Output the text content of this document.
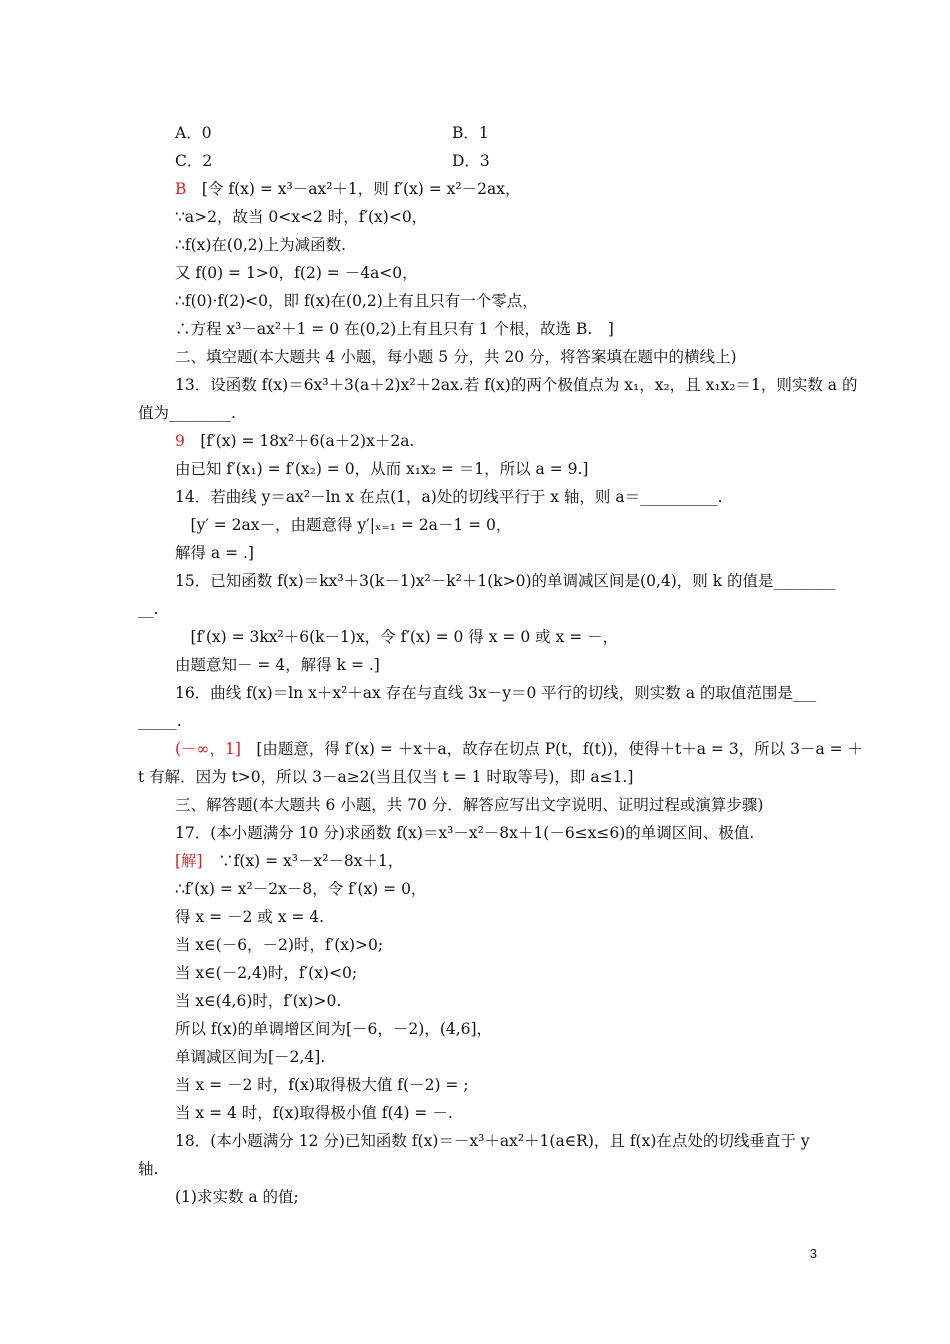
A．0	B．1
C．2	D．3
B　[令 f(x) = x³－ax²＋1，则 f′(x) = x²－2ax，
∵a>2，故当 0<x<2 时，f′(x)<0，
∴f(x)在(0,2)上为减函数.
又 f(0) = 1>0，f(2) = －4a<0，
∴f(0)·f(2)<0，即 f(x)在(0,2)上有且只有一个零点，
∴方程 x³－ax²＋1 = 0 在(0,2)上有且只有 1 个根，故选 B.　]
二、填空题(本大题共 4 小题，每小题 5 分，共 20 分，将答案填在题中的横线上)
13．设函数 f(x)＝6x³＋3(a＋2)x²＋2ax.若 f(x)的两个极值点为 x₁，x₂，且 x₁x₂＝1，则实数 a 的
值为________.
9　[f′(x) = 18x²＋6(a＋2)x＋2a.
由已知 f′(x₁) = f′(x₂) = 0，从而 x₁x₂ = ＝1，所以 a = 9.]
14．若曲线 y＝ax²－ln x 在点(1，a)处的切线平行于 x 轴，则 a＝__________.
　[y′ = 2ax－，由题意得 y′|ₓ₌₁ = 2a－1 = 0，
解得 a = .]
15．已知函数 f(x)＝kx³＋3(k－1)x²－k²＋1(k>0)的单调减区间是(0,4)，则 k 的值是________
__.
　[f′(x) = 3kx²＋6(k－1)x，令 f′(x) = 0 得 x = 0 或 x = －，
由题意知－ = 4，解得 k = .]
16．曲线 f(x)＝ln x＋x²＋ax 存在与直线 3x－y＝0 平行的切线，则实数 a 的取值范围是___
_____.
(－∞，1]　[由题意，得 f′(x) = ＋x＋a，故存在切点 P(t，f(t))，使得＋t＋a = 3，所以 3－a = ＋
t 有解．因为 t>0，所以 3－a≥2(当且仅当 t = 1 时取等号)，即 a≤1.]
三、解答题(本大题共 6 小题，共 70 分．解答应写出文字说明、证明过程或演算步骤)
17．(本小题满分 10 分)求函数 f(x)＝x³－x²－8x＋1(－6≤x≤6)的单调区间、极值.
[解]　∵f(x) = x³－x²－8x＋1，
∴f′(x) = x²－2x－8，令 f′(x) = 0，
得 x = －2 或 x = 4.
当 x∈(－6，－2)时，f′(x)>0;
当 x∈(－2,4)时，f′(x)<0;
当 x∈(4,6)时，f′(x)>0.
所以 f(x)的单调增区间为[－6，－2)，(4,6]，
单调减区间为[－2,4].
当 x = －2 时，f(x)取得极大值 f(－2) = ;
当 x = 4 时，f(x)取得极小值 f(4) = －.
18．(本小题满分 12 分)已知函数 f(x)＝－x³＋ax²＋1(a∈R)，且 f(x)在点处的切线垂直于 y
轴.
(1)求实数 a 的值;
3
